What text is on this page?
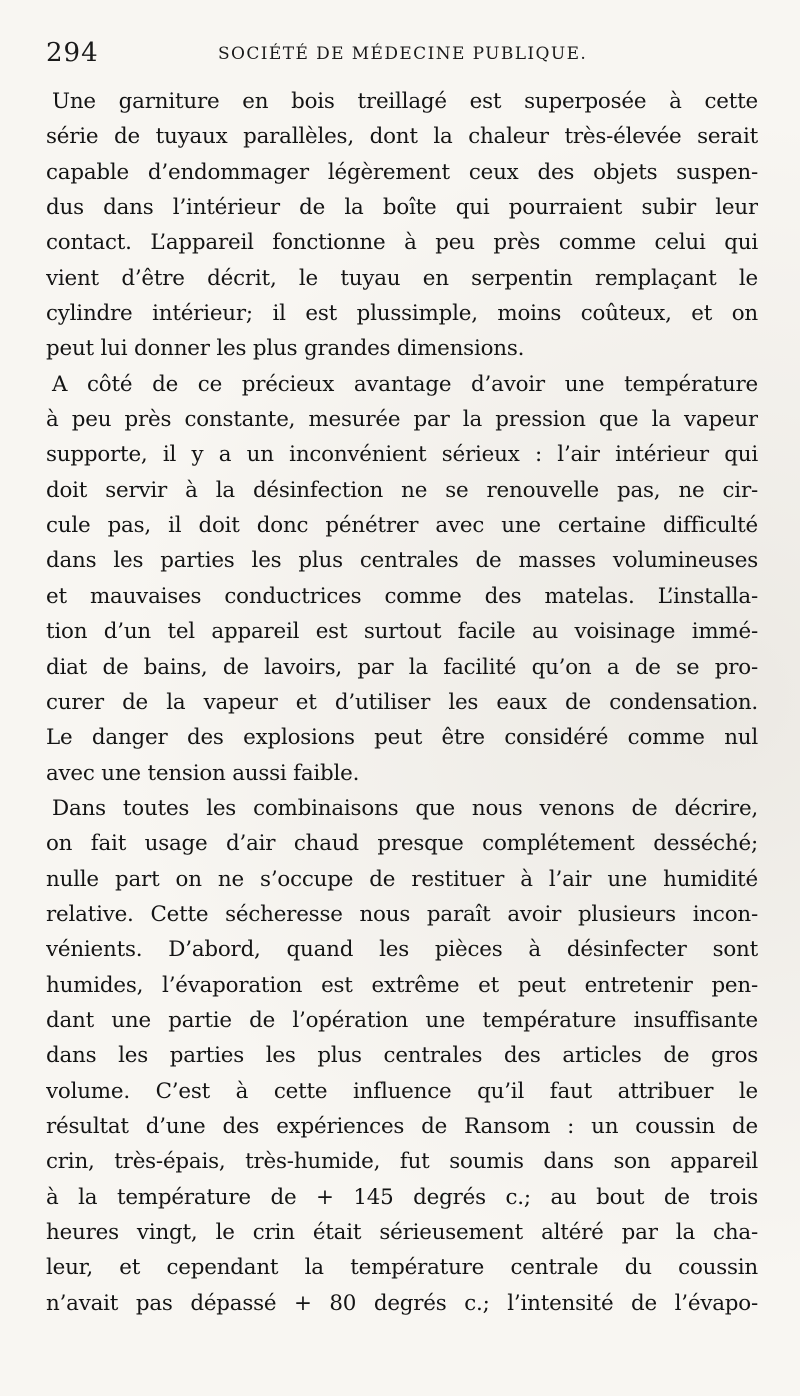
294	SOCIÉTÉ DE MÉDECINE PUBLIQUE.
Une garniture en bois treillagé est superposée à cette
série de tuyaux parallèles, dont la chaleur très-élevée serait
capable d’endommager légèrement ceux des objets suspen-
dus dans l’intérieur de la boîte qui pourraient subir leur
contact. L’appareil fonctionne à peu près comme celui qui
vient d’être décrit, le tuyau en serpentin remplaçant le
cylindre intérieur; il est plussimple, moins coûteux, et on
peut lui donner les plus grandes dimensions.
A côté de ce précieux avantage d’avoir une température
à peu près constante, mesurée par la pression que la vapeur
supporte, il y a un inconvénient sérieux : l’air intérieur qui
doit servir à la désinfection ne se renouvelle pas, ne cir-
cule pas, il doit donc pénétrer avec une certaine difficulté
dans les parties les plus centrales de masses volumineuses
et mauvaises conductrices comme des matelas. L’installa-
tion d’un tel appareil est surtout facile au voisinage immé-
diat de bains, de lavoirs, par la facilité qu’on a de se pro-
curer de la vapeur et d’utiliser les eaux de condensation.
Le danger des explosions peut être considéré comme nul
avec une tension aussi faible.
Dans toutes les combinaisons que nous venons de décrire,
on fait usage d’air chaud presque complétement desséché;
nulle part on ne s’occupe de restituer à l’air une humidité
relative. Cette sécheresse nous paraît avoir plusieurs incon-
vénients. D’abord, quand les pièces à désinfecter sont
humides, l’évaporation est extrême et peut entretenir pen-
dant une partie de l’opération une température insuffisante
dans les parties les plus centrales des articles de gros
volume. C’est à cette influence qu’il faut attribuer le
résultat d’une des expériences de Ransom : un coussin de
crin, très-épais, très-humide, fut soumis dans son appareil
à la température de + 145 degrés c.; au bout de trois
heures vingt, le crin était sérieusement altéré par la cha-
leur, et cependant la température centrale du coussin
n’avait pas dépassé + 80 degrés c.; l’intensité de l’évapo-
